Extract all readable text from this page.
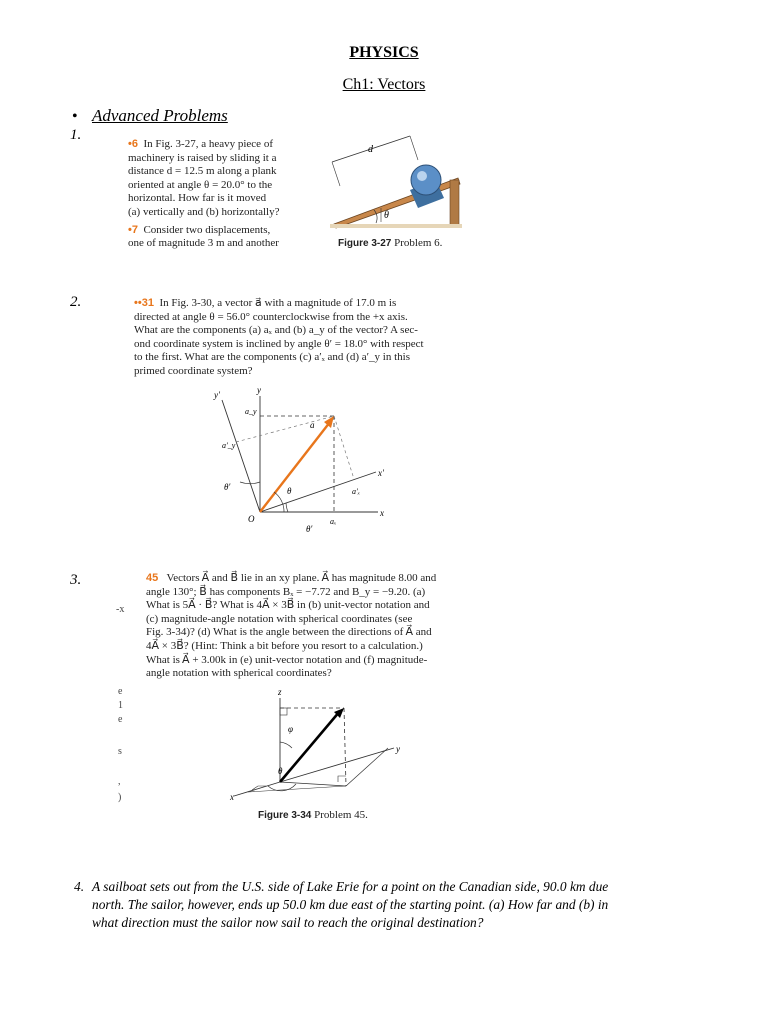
PHYSICS
Ch1: Vectors
• Advanced Problems
1.
•6 In Fig. 3-27, a heavy piece of
machinery is raised by sliding it a
distance d = 12.5 m along a plank
oriented at angle θ = 20.0° to the
horizontal. How far is it moved
(a) vertically and (b) horizontally?
•7 Consider two displacements,
one of magnitude 3 m and another
d
θ
Figure 3-27 Problem 6.
2.	••31 In Fig. 3-30, a vector a⃗ with a magnitude of 17.0 m is
directed at angle θ = 56.0° counterclockwise from the +x axis.
What are the components (a) aₓ and (b) a_y of the vector? A sec-
ond coordinate system is inclined by angle θ′ = 18.0° with respect
to the first. What are the components (c) a′ₓ and (d) a′_y in this
primed coordinate system?
y′	y
a_y
a′_y
a⃗
x′
θ′	θ	a′ₓ
O	aₓ
x
θ′
3.
-x
e
1
e
s
,
)
45 Vectors A⃗ and B⃗ lie in an xy plane. A⃗ has magnitude 8.00 and
angle 130°; B⃗ has components Bₓ = −7.72 and B_y = −9.20. (a)
What is 5A⃗ · B⃗? What is 4A⃗ × 3B⃗ in (b) unit-vector notation and
(c) magnitude-angle notation with spherical coordinates (see
Fig. 3-34)? (d) What is the angle between the directions of A⃗ and
4A⃗ × 3B⃗? (Hint: Think a bit before you resort to a calculation.)
What is A⃗ + 3.00k in (e) unit-vector notation and (f) magnitude-
angle notation with spherical coordinates?
z
y
x
φ
θ
Figure 3-34 Problem 45.
4. A sailboat sets out from the U.S. side of Lake Erie for a point on the Canadian side, 90.0 km due
north. The sailor, however, ends up 50.0 km due east of the starting point. (a) How far and (b) in
what direction must the sailor now sail to reach the original destination?
